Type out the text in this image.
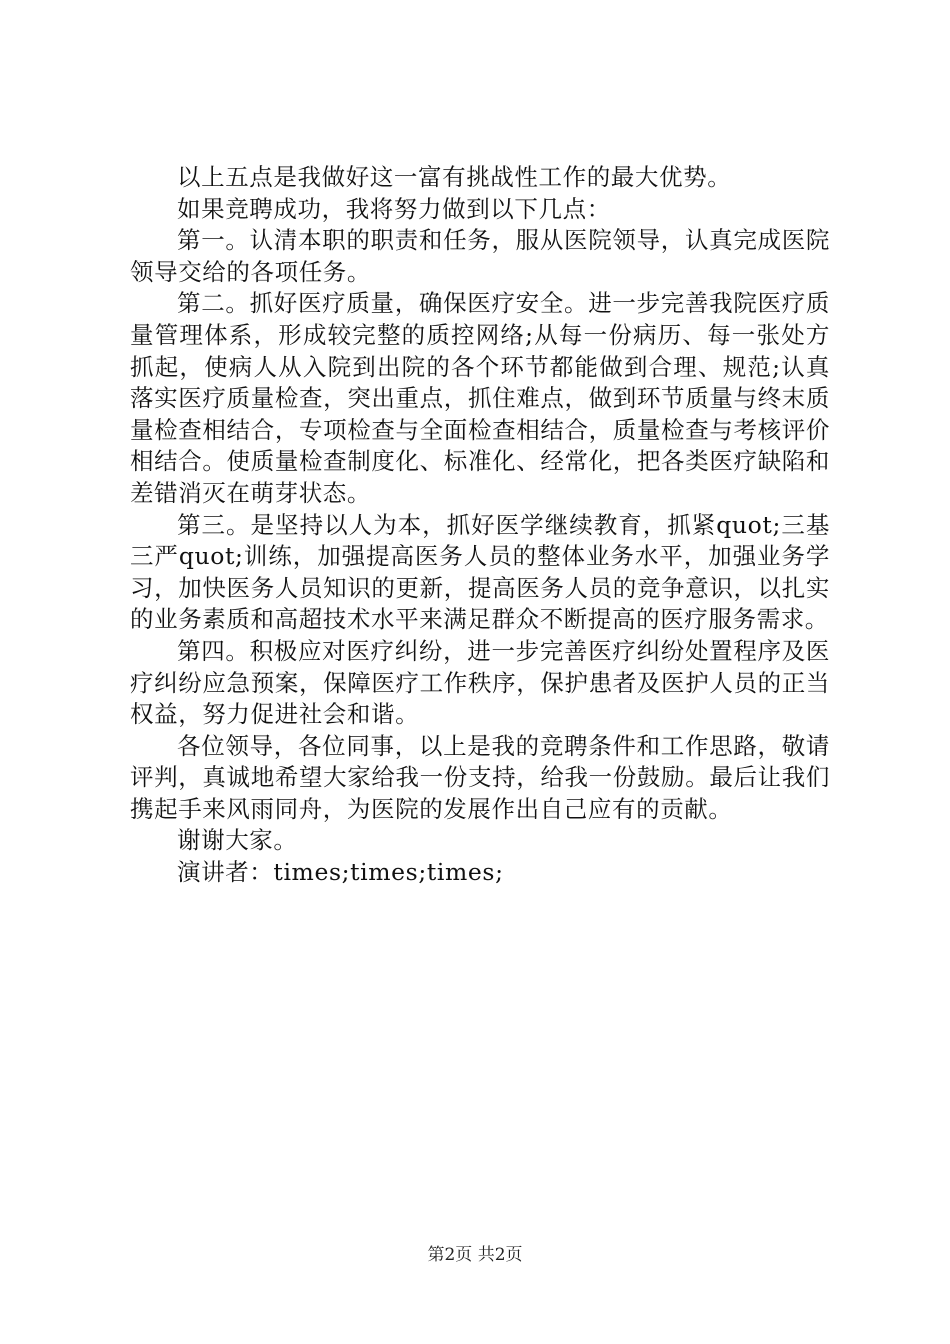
以上五点是我做好这一富有挑战性工作的最大优势。

如果竞聘成功，我将努力做到以下几点：

第一。认清本职的职责和任务，服从医院领导，认真完成医院领导交给的各项任务。

第二。抓好医疗质量，确保医疗安全。进一步完善我院医疗质量管理体系，形成较完整的质控网络;从每一份病历、每一张处方抓起，使病人从入院到出院的各个环节都能做到合理、规范;认真落实医疗质量检查，突出重点，抓住难点，做到环节质量与终末质量检查相结合，专项检查与全面检查相结合，质量检查与考核评价相结合。使质量检查制度化、标准化、经常化，把各类医疗缺陷和差错消灭在萌芽状态。

第三。是坚持以人为本，抓好医学继续教育，抓紧quot;三基三严quot;训练，加强提高医务人员的整体业务水平，加强业务学习，加快医务人员知识的更新，提高医务人员的竞争意识，以扎实的业务素质和高超技术水平来满足群众不断提高的医疗服务需求。

第四。积极应对医疗纠纷，进一步完善医疗纠纷处置程序及医疗纠纷应急预案，保障医疗工作秩序，保护患者及医护人员的正当权益，努力促进社会和谐。

各位领导，各位同事，以上是我的竞聘条件和工作思路，敬请评判，真诚地希望大家给我一份支持，给我一份鼓励。最后让我们携起手来风雨同舟，为医院的发展作出自己应有的贡献。

谢谢大家。

演讲者：times;times;times;

第2页 共2页
